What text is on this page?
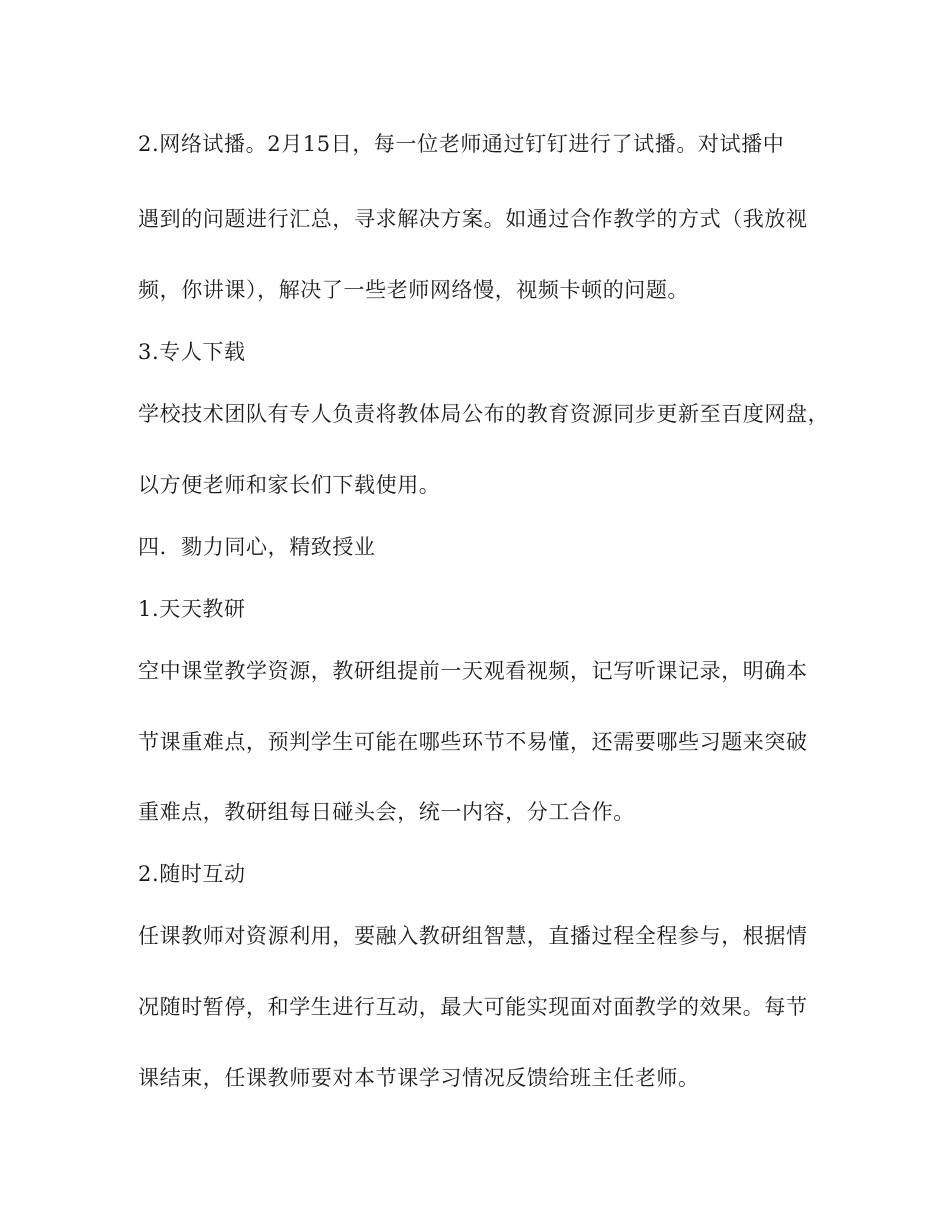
2.网络试播。2月15日，每一位老师通过钉钉进行了试播。对试播中
遇到的问题进行汇总，寻求解决方案。如通过合作教学的方式（我放视
频，你讲课），解决了一些老师网络慢，视频卡顿的问题。
3.专人下载
学校技术团队有专人负责将教体局公布的教育资源同步更新至百度网盘，
以方便老师和家长们下载使用。
四．勠力同心，精致授业
1.天天教研
空中课堂教学资源，教研组提前一天观看视频，记写听课记录，明确本
节课重难点，预判学生可能在哪些环节不易懂，还需要哪些习题来突破
重难点，教研组每日碰头会，统一内容，分工合作。
2.随时互动
任课教师对资源利用，要融入教研组智慧，直播过程全程参与，根据情
况随时暂停，和学生进行互动，最大可能实现面对面教学的效果。每节
课结束，任课教师要对本节课学习情况反馈给班主任老师。
